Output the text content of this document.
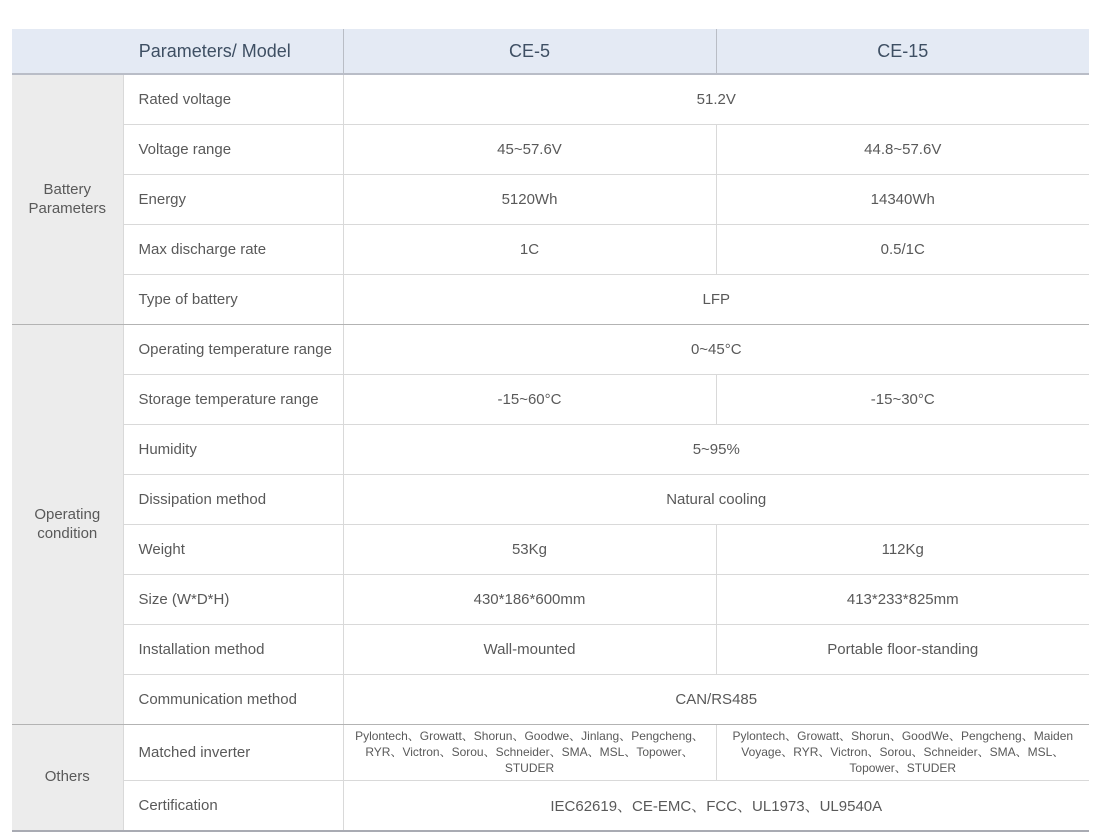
Parameters/ Model		CE-5	CE-15
Battery Parameters	Rated voltage	51.2V	
	Voltage range	45~57.6V	44.8~57.6V
	Energy	5120Wh	14340Wh
	Max discharge rate	1C	0.5/1C
	Type of battery	LFP	
Operating condition	Operating temperature range	0~45°C	
	Storage temperature range	-15~60°C	-15~30°C
	Humidity	5~95%	
	Dissipation method	Natural cooling	
	Weight	53Kg	112Kg
	Size (W*D*H)	430*186*600mm	413*233*825mm
	Installation method	Wall-mounted	Portable floor-standing
	Communication method	CAN/RS485	
Others	Matched inverter	Pylontech、Growatt、Shorun、Goodwe、Jinlang、Pengcheng、RYR、Victron、Sorou、Schneider、SMA、MSL、Topower、STUDER	Pylontech、Growatt、Shorun、GoodWe、Pengcheng、Maiden Voyage、RYR、Victron、Sorou、Schneider、SMA、MSL、Topower、STUDER
	Certification	IEC62619、CE-EMC、FCC、UL1973、UL9540A	
